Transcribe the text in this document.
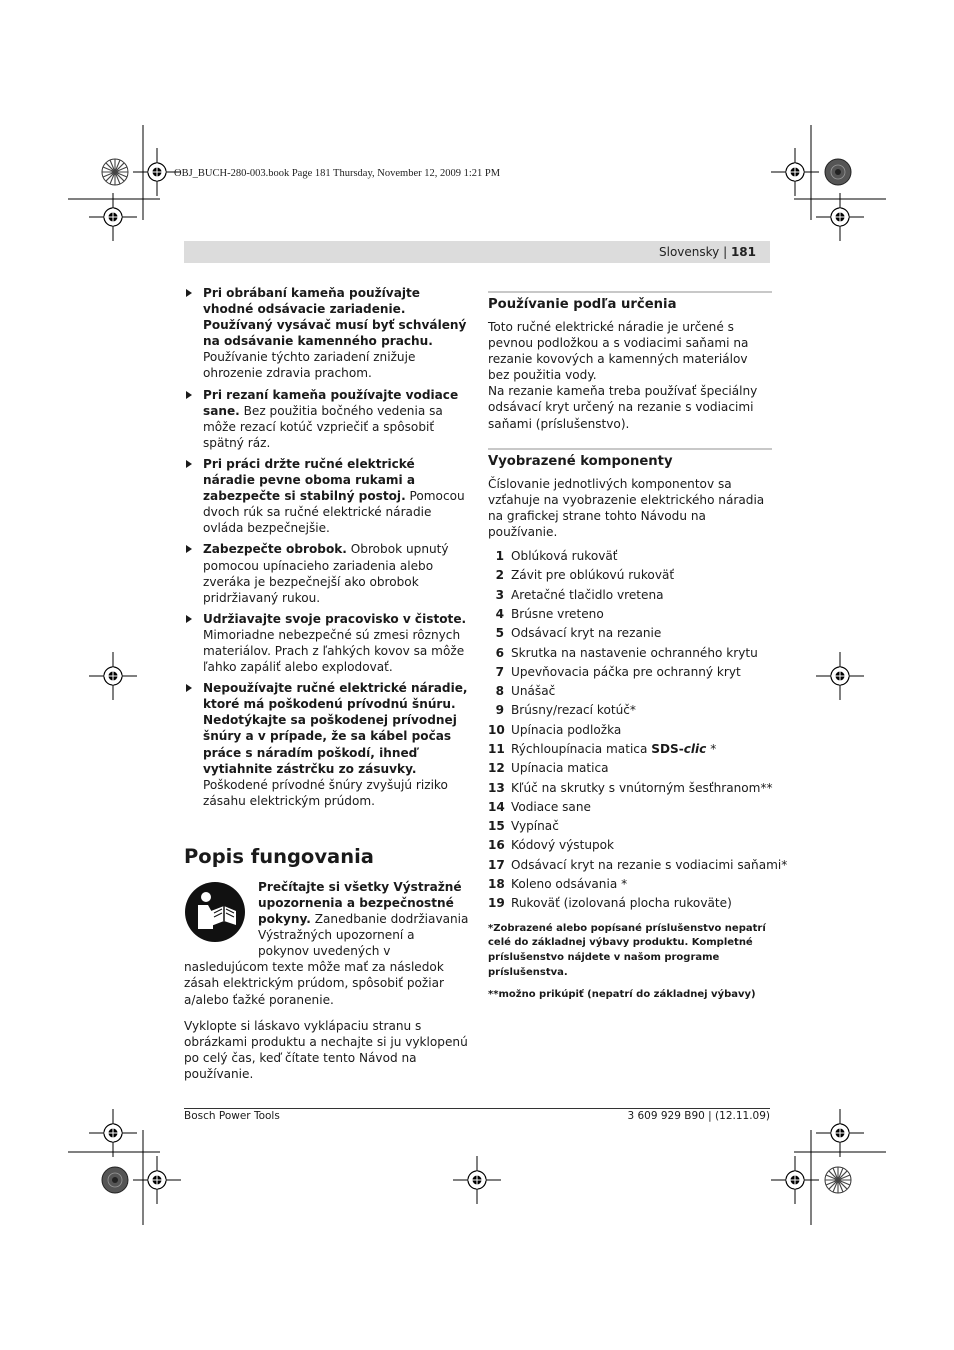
OBJ_BUCH-280-003.book Page 181 Thursday, November 12, 2009 1:21 PM
Slovensky | 181
Pri obrábaní kameňa používajte vhodné odsávacie zariadenie. Používaný vysávač musí byť schválený na odsávanie kamenného prachu. Používanie týchto zariadení znižuje ohrozenie zdravia prachom.
Pri rezaní kameňa používajte vodiace sane. Bez použitia bočného vedenia sa môže rezací kotúč vzpriečiť a spôsobiť spätný ráz.
Pri práci držte ručné elektrické náradie pevne oboma rukami a zabezpečte si stabilný postoj. Pomocou dvoch rúk sa ručné elektrické náradie ovláda bezpečnejšie.
Zabezpečte obrobok. Obrobok upnutý pomocou upínacieho zariadenia alebo zveráka je bezpečnejší ako obrobok pridržiavaný rukou.
Udržiavajte svoje pracovisko v čistote. Mimoriadne nebezpečné sú zmesi rôznych materiálov. Prach z ľahkých kovov sa môže ľahko zapáliť alebo explodovať.
Nepoužívajte ručné elektrické náradie, ktoré má poškodenú prívodnú šnúru. Nedotýkajte sa poškodenej prívodnej šnúry a v prípade, že sa kábel počas práce s náradím poškodí, ihneď vytiahnite zástrčku zo zásuvky. Poškodené prívodné šnúry zvyšujú riziko zásahu elektrickým prúdom.
Popis fungovania
Prečítajte si všetky Výstražné upozornenia a bezpečnostné pokyny. Zanedbanie dodržiavania Výstražných upozornení a pokynov uvedených v nasledujúcom texte môže mať za následok zásah elektrickým prúdom, spôsobiť požiar a/alebo ťažké poranenie.
Vyklopte si láskavo vyklápaciu stranu s obrázkami produktu a nechajte si ju vyklopenú po celý čas, keď čítate tento Návod na používanie.
Používanie podľa určenia
Toto ručné elektrické náradie je určené s pevnou podložkou a s vodiacimi saňami na rezanie kovových a kamenných materiálov bez použitia vody.
Na rezanie kameňa treba používať špeciálny odsávací kryt určený na rezanie s vodiacimi saňami (príslušenstvo).
Vyobrazené komponenty
Číslovanie jednotlivých komponentov sa vzťahuje na vyobrazenie elektrického náradia na grafickej strane tohto Návodu na používanie.
1 Oblúková rukoväť
2 Závit pre oblúkovú rukoväť
3 Aretačné tlačidlo vretena
4 Brúsne vreteno
5 Odsávací kryt na rezanie
6 Skrutka na nastavenie ochranného krytu
7 Upevňovacia páčka pre ochranný kryt
8 Unášač
9 Brúsny/rezací kotúč*
10 Upínacia podložka
11 Rýchloupínacia matica SDS-clic *
12 Upínacia matica
13 Kľúč na skrutky s vnútorným šesťhranom**
14 Vodiace sane
15 Vypínač
16 Kódový výstupok
17 Odsávací kryt na rezanie s vodiacimi saňami*
18 Koleno odsávania *
19 Rukoväť (izolovaná plocha rukoväte)
*Zobrazené alebo popísané príslušenstvo nepatrí celé do základnej výbavy produktu. Kompletné príslušenstvo nájdete v našom programe príslušenstva.
**možno prikúpiť (nepatrí do základnej výbavy)
Bosch Power Tools	3 609 929 B90 | (12.11.09)
